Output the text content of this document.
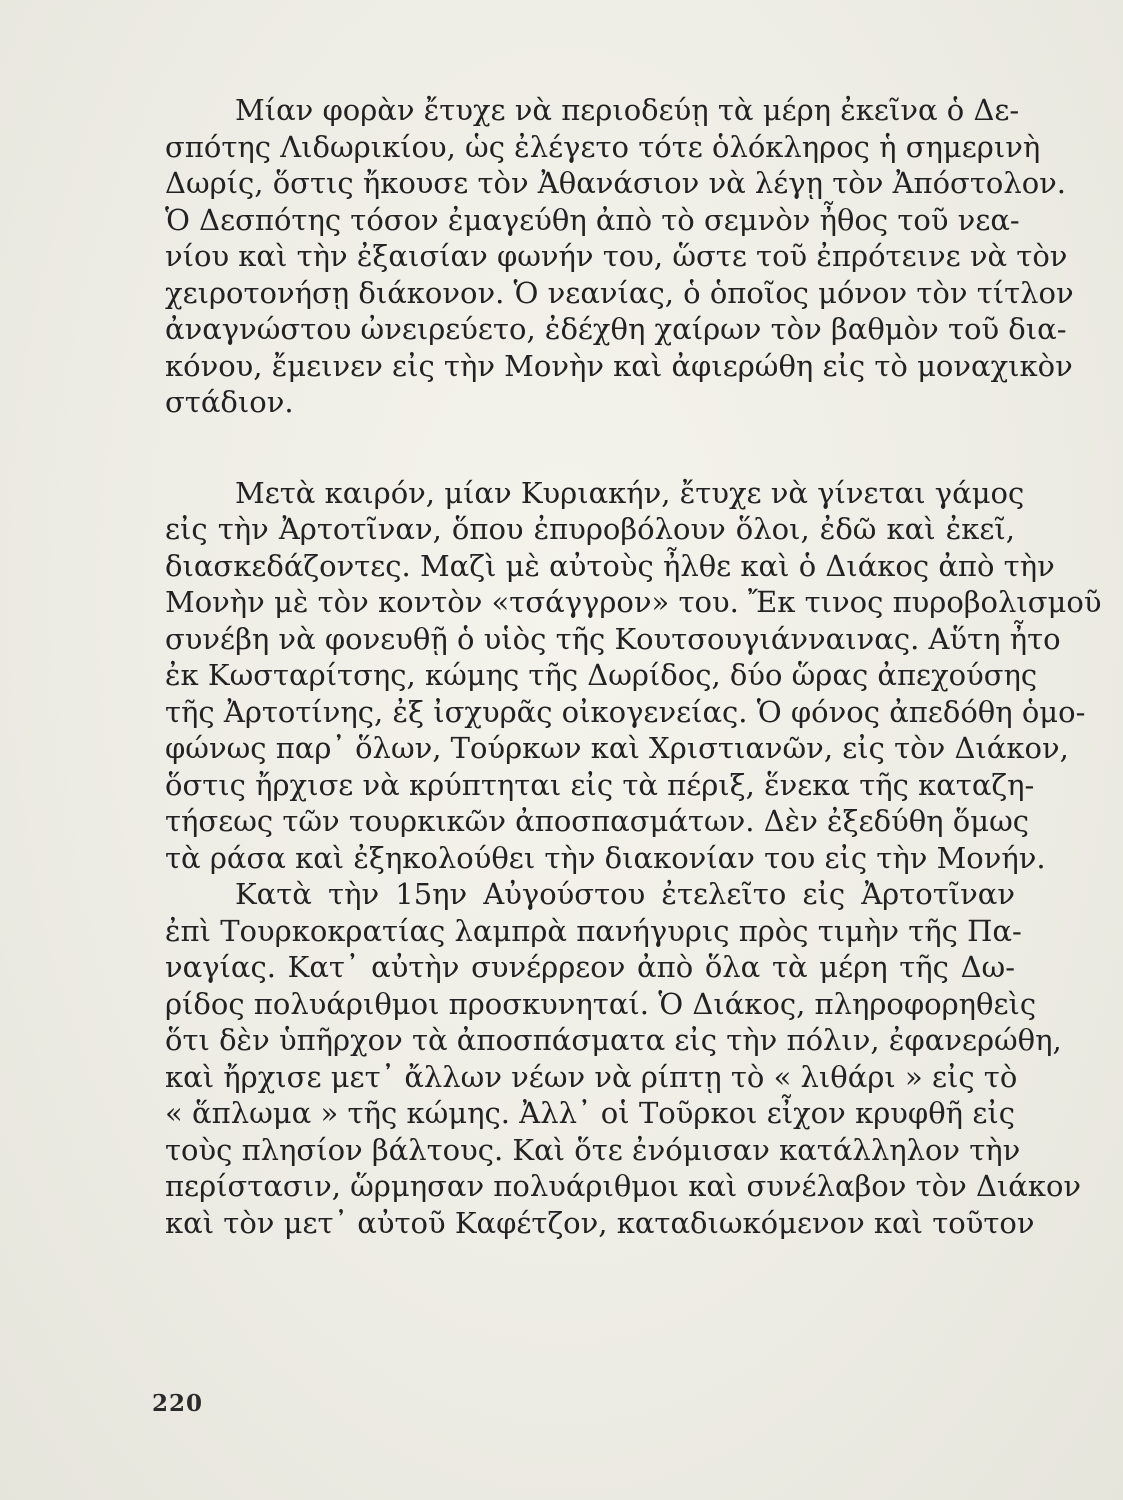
Μίαν φορὰν ἔτυχε νὰ περιοδεύῃ τὰ μέρη ἐκεῖνα ὁ Δε-
σπότης Λιδωρικίου, ὡς ἐλέγετο τότε ὁλόκληρος ἡ σημερινὴ
Δωρίς, ὅστις ἤκουσε τὸν Ἀθανάσιον νὰ λέγῃ τὸν Ἀπόστολον.
Ὁ Δεσπότης τόσον ἐμαγεύθη ἀπὸ τὸ σεμνὸν ἦθος τοῦ νεα-
νίου καὶ τὴν ἐξαισίαν φωνήν του, ὥστε τοῦ ἐπρότεινε νὰ τὸν
χειροτονήσῃ διάκονον. Ὁ νεανίας, ὁ ὁποῖος μόνον τὸν τίτλον
ἀναγνώστου ὠνειρεύετο, ἐδέχθη χαίρων τὸν βαθμὸν τοῦ δια-
κόνου, ἔμεινεν εἰς τὴν Μονὴν καὶ ἀφιερώθη εἰς τὸ μοναχικὸν
στάδιον.

Μετὰ καιρόν, μίαν Κυριακήν, ἔτυχε νὰ γίνεται γάμος
εἰς τὴν Ἀρτοτῖναν, ὅπου ἐπυροβόλουν ὅλοι, ἐδῶ καὶ ἐκεῖ,
διασκεδάζοντες. Μαζὶ μὲ αὐτοὺς ἦλθε καὶ ὁ Διάκος ἀπὸ τὴν
Μονὴν μὲ τὸν κοντὸν «τσάγγρον» του. Ἔκ τινος πυροβολισμοῦ
συνέβη νὰ φονευθῇ ὁ υἱὸς τῆς Κουτσουγιάνναινας. Αὕτη ἦτο
ἐκ Κωσταρίτσης, κώμης τῆς Δωρίδος, δύο ὥρας ἀπεχούσης
τῆς Ἀρτοτίνης, ἐξ ἰσχυρᾶς οἰκογενείας. Ὁ φόνος ἀπεδόθη ὁμο-
φώνως παρ᾽ ὅλων, Τούρκων καὶ Χριστιανῶν, εἰς τὸν Διάκον,
ὅστις ἤρχισε νὰ κρύπτηται εἰς τὰ πέριξ, ἕνεκα τῆς καταζη-
τήσεως τῶν τουρκικῶν ἀποσπασμάτων. Δὲν ἐξεδύθη ὅμως
τὰ ράσα καὶ ἐξηκολούθει τὴν διακονίαν του εἰς τὴν Μονήν.

Κατὰ τὴν 15ην Αὐγούστου ἐτελεῖτο εἰς Ἀρτοτῖναν
ἐπὶ Τουρκοκρατίας λαμπρὰ πανήγυρις πρὸς τιμὴν τῆς Πα-
ναγίας. Κατ᾽ αὐτὴν συνέρρεον ἀπὸ ὅλα τὰ μέρη τῆς Δω-
ρίδος πολυάριθμοι προσκυνηταί. Ὁ Διάκος, πληροφορηθεὶς
ὅτι δὲν ὑπῆρχον τὰ ἀποσπάσματα εἰς τὴν πόλιν, ἐφανερώθη,
καὶ ἤρχισε μετ᾽ ἄλλων νέων νὰ ρίπτῃ τὸ « λιθάρι » εἰς τὸ
« ἅπλωμα » τῆς κώμης. Ἀλλ᾽ οἱ Τοῦρκοι εἶχον κρυφθῆ εἰς
τοὺς πλησίον βάλτους. Καὶ ὅτε ἐνόμισαν κατάλληλον τὴν
περίστασιν, ὥρμησαν πολυάριθμοι καὶ συνέλαβον τὸν Διάκον
καὶ τὸν μετ᾽ αὐτοῦ Καφέτζον, καταδιωκόμενον καὶ τοῦτον

220
